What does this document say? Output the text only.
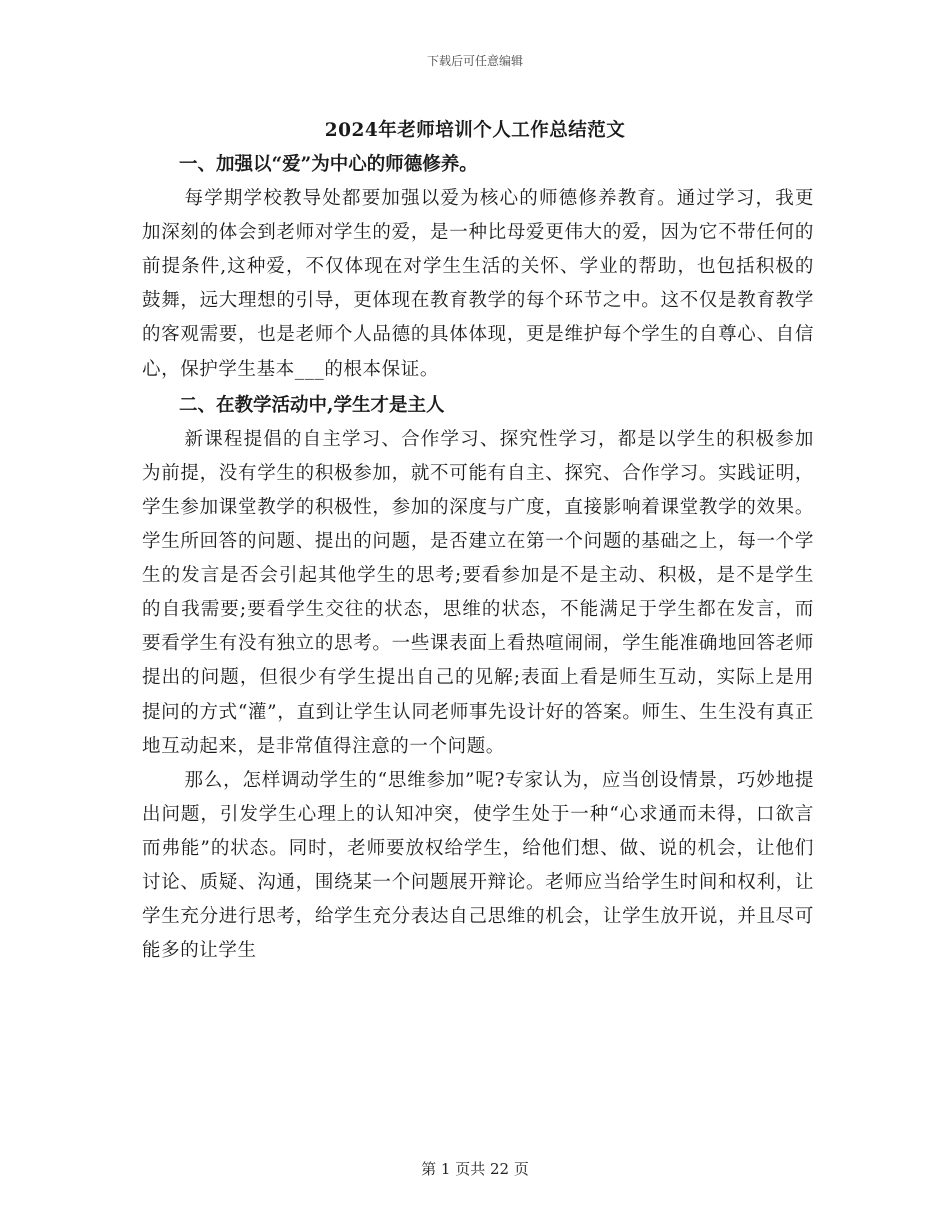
下载后可任意编辑
2024年老师培训个人工作总结范文

一、加强以“爱”为中心的师德修养。

每学期学校教导处都要加强以爱为核心的师德修养教育。通过学习，我更加深刻的体会到老师对学生的爱，是一种比母爱更伟大的爱，因为它不带任何的前提条件,这种爱，不仅体现在对学生生活的关怀、学业的帮助，也包括积极的鼓舞，远大理想的引导，更体现在教育教学的每个环节之中。这不仅是教育教学的客观需要，也是老师个人品德的具体体现，更是维护每个学生的自尊心、自信心，保护学生基本___的根本保证。

二、在教学活动中,学生才是主人

新课程提倡的自主学习、合作学习、探究性学习，都是以学生的积极参加为前提，没有学生的积极参加，就不可能有自主、探究、合作学习。实践证明，学生参加课堂教学的积极性，参加的深度与广度，直接影响着课堂教学的效果。学生所回答的问题、提出的问题，是否建立在第一个问题的基础之上，每一个学生的发言是否会引起其他学生的思考;要看参加是不是主动、积极，是不是学生的自我需要;要看学生交往的状态，思维的状态，不能满足于学生都在发言，而要看学生有没有独立的思考。一些课表面上看热喧闹闹，学生能准确地回答老师提出的问题，但很少有学生提出自己的见解;表面上看是师生互动，实际上是用提问的方式“灌”，直到让学生认同老师事先设计好的答案。师生、生生没有真正地互动起来，是非常值得注意的一个问题。

那么，怎样调动学生的“思维参加”呢?专家认为，应当创设情景，巧妙地提出问题，引发学生心理上的认知冲突，使学生处于一种“心求通而未得，口欲言而弗能”的状态。同时，老师要放权给学生，给他们想、做、说的机会，让他们讨论、质疑、沟通，围绕某一个问题展开辩论。老师应当给学生时间和权利，让学生充分进行思考，给学生充分表达自己思维的机会，让学生放开说，并且尽可能多的让学生

第 1 页共 22 页
